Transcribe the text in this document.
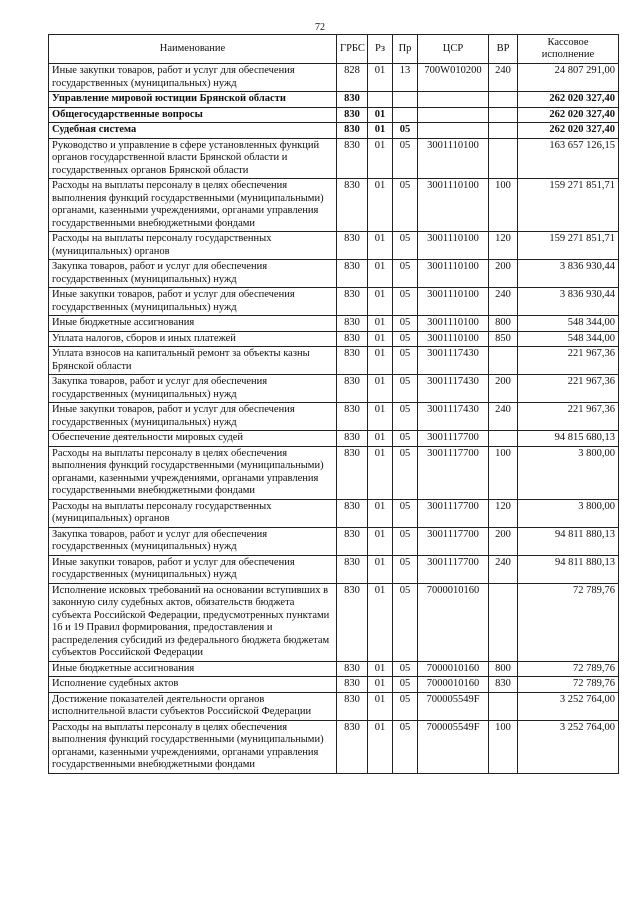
72
Наименование	ГРБС	Рз	Пр	ЦСР	ВР	Кассовое исполнение
Иные закупки товаров, работ и услуг для обеспечения государственных (муниципальных) нужд	828	01	13	700W010200	240	24 807 291,00
Управление мировой юстиции Брянской области	830					262 020 327,40
Общегосударственные вопросы	830	01				262 020 327,40
Судебная система	830	01	05			262 020 327,40
Руководство и управление в сфере установленных функций органов государственной власти Брянской области и государственных органов Брянской области	830	01	05	3001110100		163 657 126,15
Расходы на выплаты персоналу в целях обеспечения выполнения функций государственными (муниципальными) органами, казенными учреждениями, органами управления государственными внебюджетными фондами	830	01	05	3001110100	100	159 271 851,71
Расходы на выплаты персоналу государственных (муниципальных) органов	830	01	05	3001110100	120	159 271 851,71
Закупка товаров, работ и услуг для обеспечения государственных (муниципальных) нужд	830	01	05	3001110100	200	3 836 930,44
Иные закупки товаров, работ и услуг для обеспечения государственных (муниципальных) нужд	830	01	05	3001110100	240	3 836 930,44
Иные бюджетные ассигнования	830	01	05	3001110100	800	548 344,00
Уплата налогов, сборов и иных платежей	830	01	05	3001110100	850	548 344,00
Уплата взносов на капитальный ремонт за объекты казны Брянской области	830	01	05	3001117430		221 967,36
Закупка товаров, работ и услуг для обеспечения государственных (муниципальных) нужд	830	01	05	3001117430	200	221 967,36
Иные закупки товаров, работ и услуг для обеспечения государственных (муниципальных) нужд	830	01	05	3001117430	240	221 967,36
Обеспечение деятельности мировых судей	830	01	05	3001117700		94 815 680,13
Расходы на выплаты персоналу в целях обеспечения выполнения функций государственными (муниципальными) органами, казенными учреждениями, органами управления государственными внебюджетными фондами	830	01	05	3001117700	100	3 800,00
Расходы на выплаты персоналу государственных (муниципальных) органов	830	01	05	3001117700	120	3 800,00
Закупка товаров, работ и услуг для обеспечения государственных (муниципальных) нужд	830	01	05	3001117700	200	94 811 880,13
Иные закупки товаров, работ и услуг для обеспечения государственных (муниципальных) нужд	830	01	05	3001117700	240	94 811 880,13
Исполнение исковых требований на основании вступивших в законную силу судебных актов, обязательств бюджета субъекта Российской Федерации, предусмотренных пунктами 16 и 19 Правил формирования, предоставления и распределения субсидий из федерального бюджета бюджетам субъектов Российской Федерации	830	01	05	7000010160		72 789,76
Иные бюджетные ассигнования	830	01	05	7000010160	800	72 789,76
Исполнение судебных актов	830	01	05	7000010160	830	72 789,76
Достижение показателей деятельности органов исполнительной власти субъектов Российской Федерации	830	01	05	700005549F		3 252 764,00
Расходы на выплаты персоналу в целях обеспечения выполнения функций государственными (муниципальными) органами, казенными учреждениями, органами управления государственными внебюджетными фондами	830	01	05	700005549F	100	3 252 764,00
